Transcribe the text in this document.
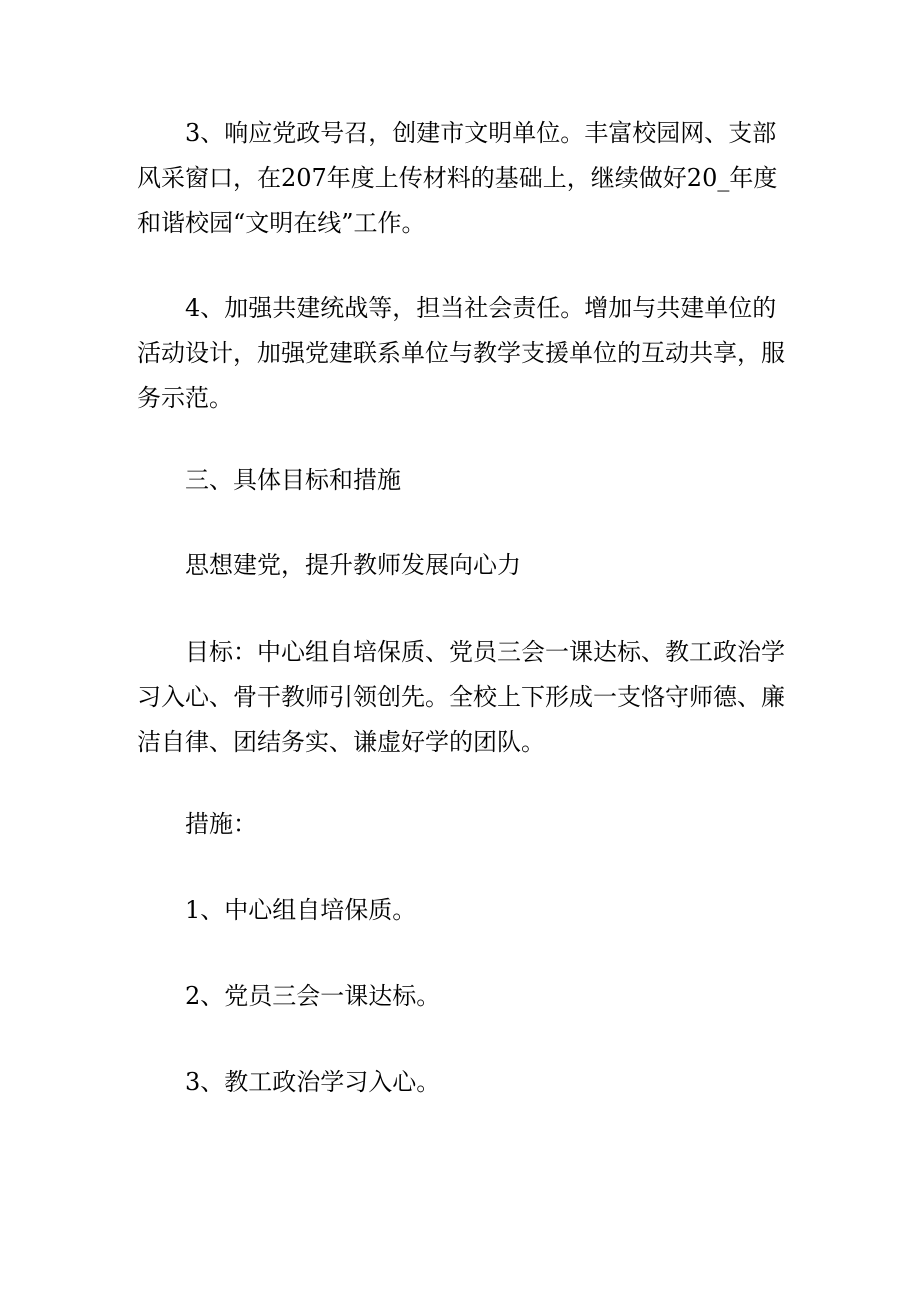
3、响应党政号召，创建市文明单位。丰富校园网、支部风采窗口，在207年度上传材料的基础上，继续做好20_年度和谐校园“文明在线”工作。

4、加强共建统战等，担当社会责任。增加与共建单位的活动设计，加强党建联系单位与教学支援单位的互动共享，服务示范。

三、具体目标和措施

思想建党，提升教师发展向心力

目标：中心组自培保质、党员三会一课达标、教工政治学习入心、骨干教师引领创先。全校上下形成一支恪守师德、廉洁自律、团结务实、谦虚好学的团队。

措施：

1、中心组自培保质。

2、党员三会一课达标。

3、教工政治学习入心。
